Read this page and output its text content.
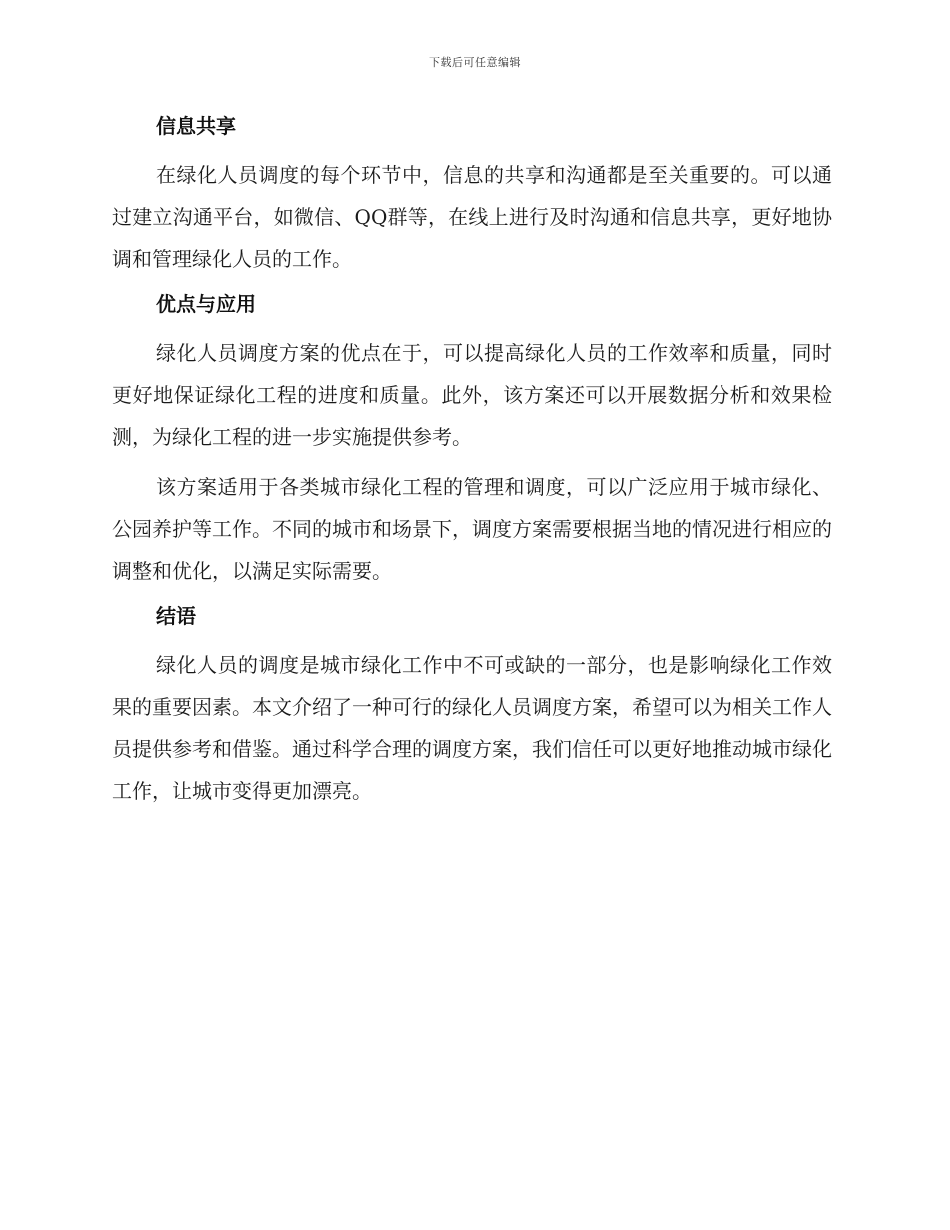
下载后可任意编辑
信息共享

在绿化人员调度的每个环节中，信息的共享和沟通都是至关重要的。可以通过建立沟通平台，如微信、QQ群等，在线上进行及时沟通和信息共享，更好地协调和管理绿化人员的工作。

优点与应用

绿化人员调度方案的优点在于，可以提高绿化人员的工作效率和质量，同时更好地保证绿化工程的进度和质量。此外，该方案还可以开展数据分析和效果检测，为绿化工程的进一步实施提供参考。

该方案适用于各类城市绿化工程的管理和调度，可以广泛应用于城市绿化、公园养护等工作。不同的城市和场景下，调度方案需要根据当地的情况进行相应的调整和优化，以满足实际需要。

结语

绿化人员的调度是城市绿化工作中不可或缺的一部分，也是影响绿化工作效果的重要因素。本文介绍了一种可行的绿化人员调度方案，希望可以为相关工作人员提供参考和借鉴。通过科学合理的调度方案，我们信任可以更好地推动城市绿化工作，让城市变得更加漂亮。
